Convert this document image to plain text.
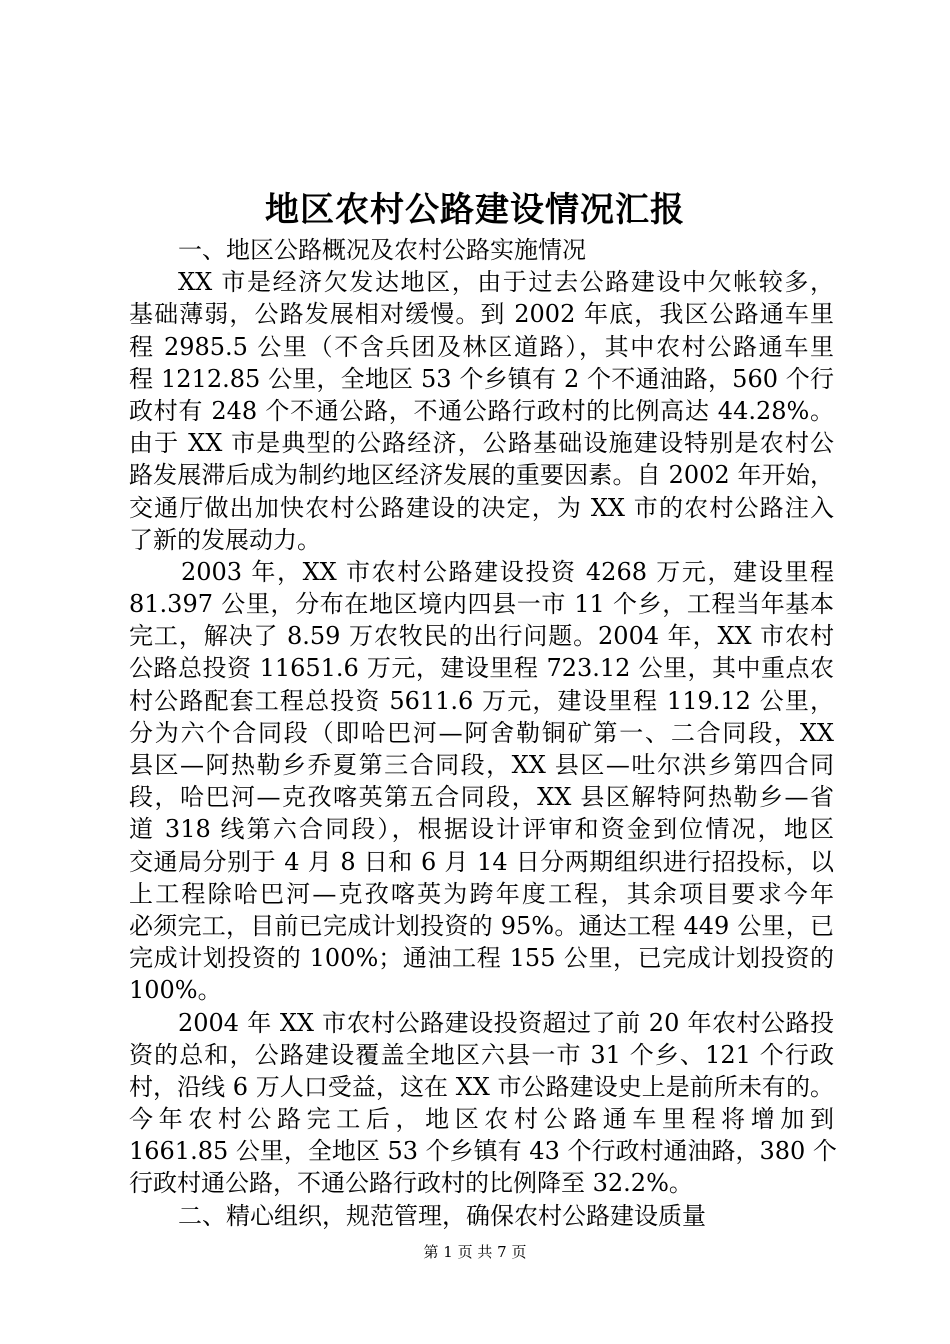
地区农村公路建设情况汇报
一、地区公路概况及农村公路实施情况
XX 市是经济欠发达地区，由于过去公路建设中欠帐较多，
基础薄弱，公路发展相对缓慢。到 2002 年底，我区公路通车里
程 2985.5 公里（不含兵团及林区道路），其中农村公路通车里
程 1212.85 公里，全地区 53 个乡镇有 2 个不通油路，560 个行
政村有 248 个不通公路，不通公路行政村的比例高达 44.28%。
由于 XX 市是典型的公路经济，公路基础设施建设特别是农村公
路发展滞后成为制约地区经济发展的重要因素。自 2002 年开始，
交通厅做出加快农村公路建设的决定，为 XX 市的农村公路注入
了新的发展动力。
2003 年，XX 市农村公路建设投资 4268 万元，建设里程
81.397 公里，分布在地区境内四县一市 11 个乡，工程当年基本
完工，解决了 8.59 万农牧民的出行问题。2004 年，XX 市农村
公路总投资 11651.6 万元，建设里程 723.12 公里，其中重点农
村公路配套工程总投资 5611.6 万元，建设里程 119.12 公里，
分为六个合同段（即哈巴河—阿舍勒铜矿第一、二合同段，XX
县区—阿热勒乡乔夏第三合同段，XX 县区—吐尔洪乡第四合同
段，哈巴河—克孜喀英第五合同段，XX 县区解特阿热勒乡—省
道 318 线第六合同段），根据设计评审和资金到位情况，地区
交通局分别于 4 月 8 日和 6 月 14 日分两期组织进行招投标，以
上工程除哈巴河—克孜喀英为跨年度工程，其余项目要求今年
必须完工，目前已完成计划投资的 95%。通达工程 449 公里，已
完成计划投资的 100%；通油工程 155 公里，已完成计划投资的
100%。
2004 年 XX 市农村公路建设投资超过了前 20 年农村公路投
资的总和，公路建设覆盖全地区六县一市 31 个乡、121 个行政
村，沿线 6 万人口受益，这在 XX 市公路建设史上是前所未有的。
今年农村公路完工后，地区农村公路通车里程将增加到
1661.85 公里，全地区 53 个乡镇有 43 个行政村通油路，380 个
行政村通公路，不通公路行政村的比例降至 32.2%。
二、精心组织，规范管理，确保农村公路建设质量
第 1 页 共 7 页
